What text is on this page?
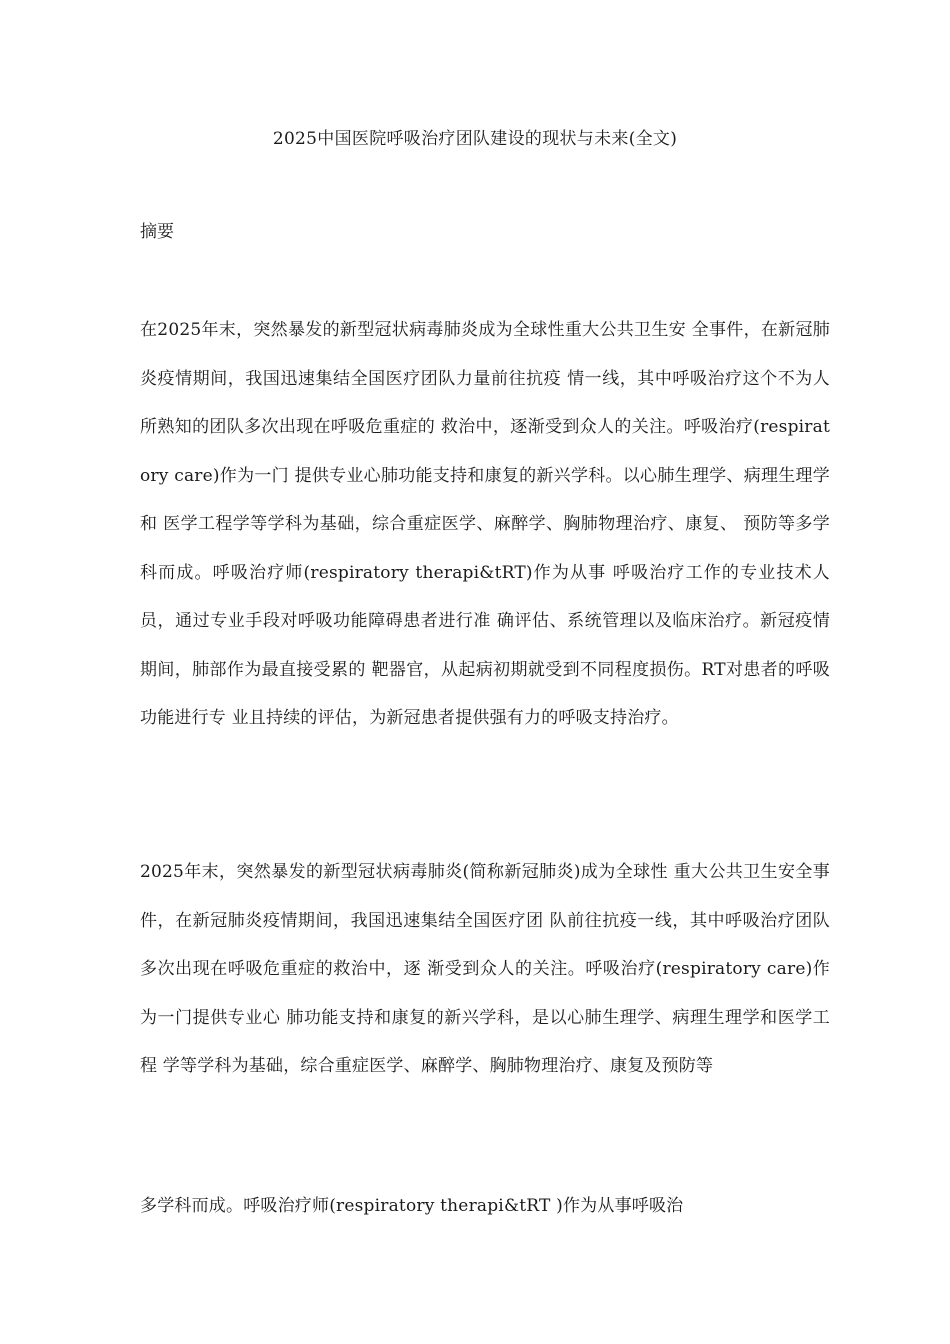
2025中国医院呼吸治疗团队建设的现状与未来(全文)
摘要
在2025年末，突然暴发的新型冠状病毒肺炎成为全球性重大公共卫生安 全事件，在新冠肺炎疫情期间，我国迅速集结全国医疗团队力量前往抗疫 情一线，其中呼吸治疗这个不为人所熟知的团队多次出现在呼吸危重症的 救治中，逐渐受到众人的关注。呼吸治疗(respiratory care)作为一门 提供专业心肺功能支持和康复的新兴学科。以心肺生理学、病理生理学和 医学工程学等学科为基础，综合重症医学、麻醉学、胸肺物理治疗、康复、 预防等多学科而成。呼吸治疗师(respiratory therapi&tRT)作为从事 呼吸治疗工作的专业技术人员，通过专业手段对呼吸功能障碍患者进行准 确评估、系统管理以及临床治疗。新冠疫情期间，肺部作为最直接受累的 靶器官，从起病初期就受到不同程度损伤。RT对患者的呼吸功能进行专 业且持续的评估，为新冠患者提供强有力的呼吸支持治疗。
2025年末，突然暴发的新型冠状病毒肺炎(简称新冠肺炎)成为全球性 重大公共卫生安全事件，在新冠肺炎疫情期间，我国迅速集结全国医疗团 队前往抗疫一线，其中呼吸治疗团队多次出现在呼吸危重症的救治中，逐 渐受到众人的关注。呼吸治疗(respiratory care)作为一门提供专业心 肺功能支持和康复的新兴学科，是以心肺生理学、病理生理学和医学工程 学等学科为基础，综合重症医学、麻醉学、胸肺物理治疗、康复及预防等
多学科而成。呼吸治疗师(respiratory therapi&tRT )作为从事呼吸治
